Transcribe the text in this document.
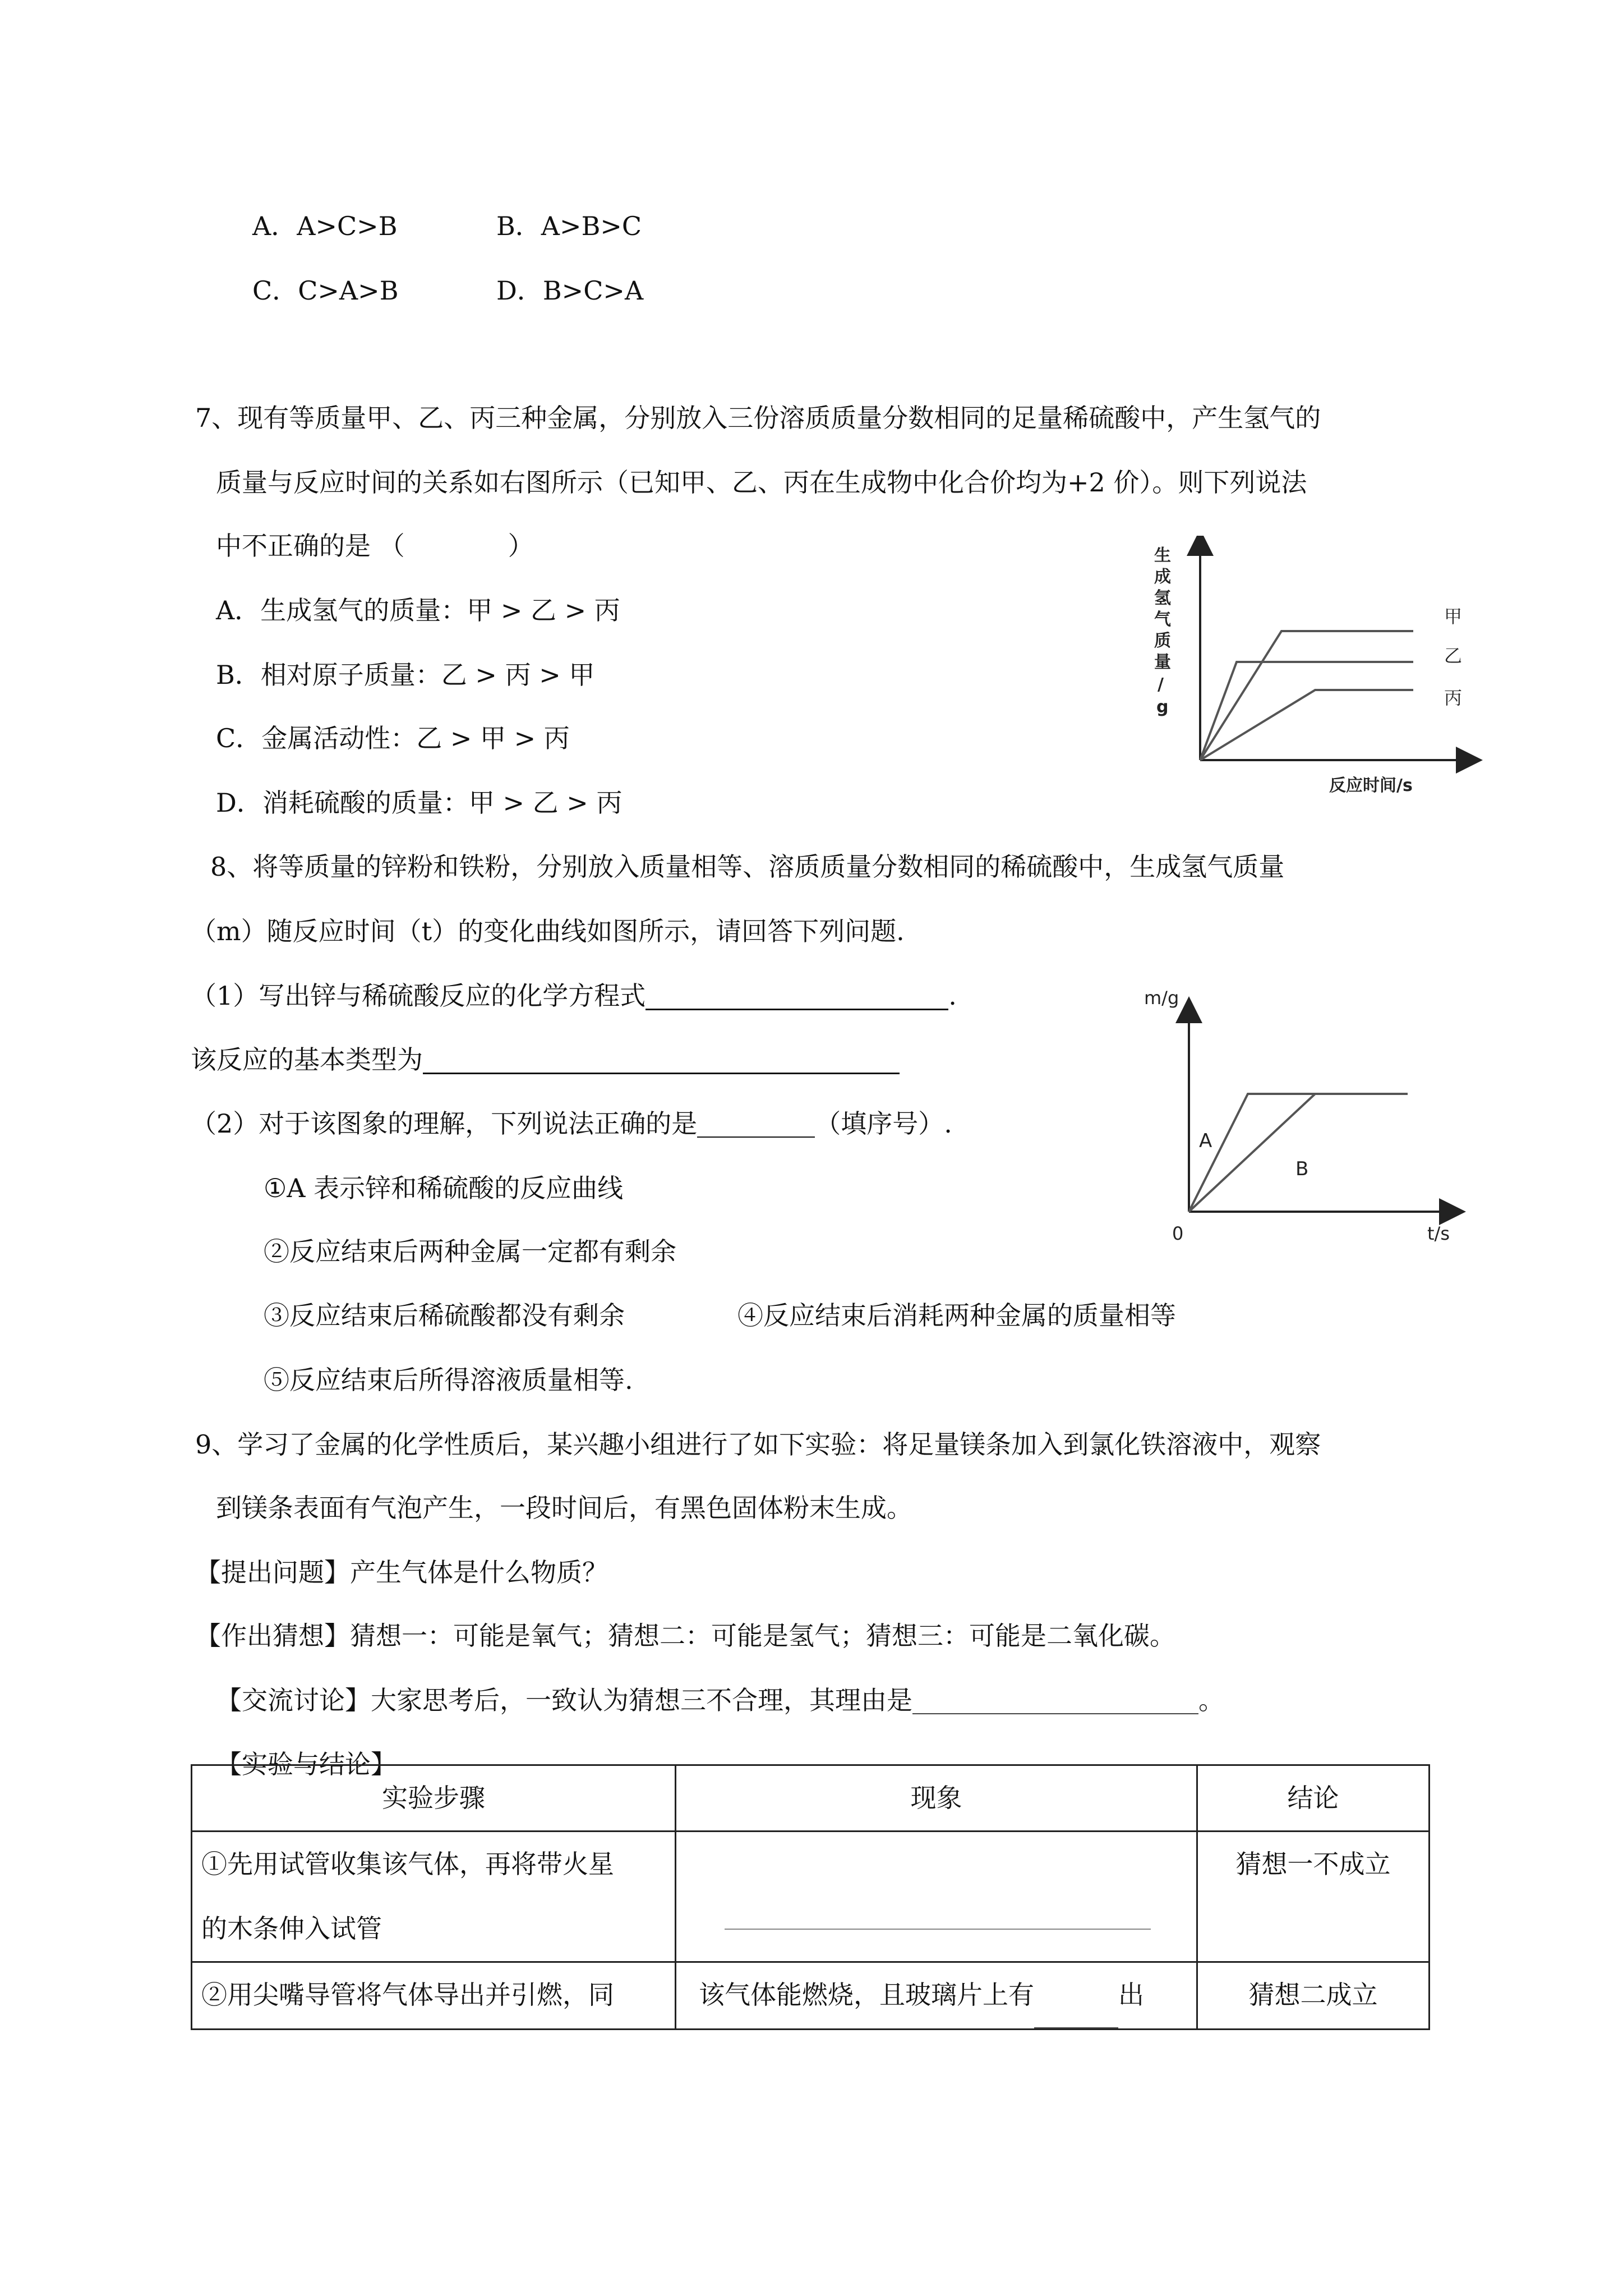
A．A>C>B	B．A>B>C
C．C>A>B	D．B>C>A
7、现有等质量甲、乙、丙三种金属，分别放入三份溶质质量分数相同的足量稀硫酸中，产生氢气的
质量与反应时间的关系如右图所示（已知甲、乙、丙在生成物中化合价均为+2 价）。则下列说法
中不正确的是 （　　　　）
A．生成氢气的质量：甲 > 乙 > 丙
B．相对原子质量：乙 > 丙 > 甲
C．金属活动性：乙 > 甲 > 丙
D．消耗硫酸的质量：甲 > 乙 > 丙
生
成
氢
气
质
量
/
g
反应时间/s
甲
乙
丙
8、将等质量的锌粉和铁粉，分别放入质量相等、溶质质量分数相同的稀硫酸中，生成氢气质量
（m）随反应时间（t）的变化曲线如图所示，请回答下列问题.
（1）写出锌与稀硫酸反应的化学方程式	.
该反应的基本类型为
（2）对于该图象的理解，下列说法正确的是	（填序号）.
①A 表示锌和稀硫酸的反应曲线
②反应结束后两种金属一定都有剩余
③反应结束后稀硫酸都没有剩余	④反应结束后消耗两种金属的质量相等
⑤反应结束后所得溶液质量相等.
m/g
t/s
0
A
B
9、学习了金属的化学性质后，某兴趣小组进行了如下实验：将足量镁条加入到氯化铁溶液中，观察
到镁条表面有气泡产生，一段时间后，有黑色固体粉末生成。
【提出问题】产生气体是什么物质？
【作出猜想】猜想一：可能是氧气；猜想二：可能是氢气；猜想三：可能是二氧化碳。
【交流讨论】大家思考后，一致认为猜想三不合理，其理由是	。
【实验与结论】
实验步骤	现象	结论

①先用试管收集该气体，再将带火星
的木条伸入试管		猜想一不成立
②用尖嘴导管将气体导出并引燃，同	该气体能燃烧，且玻璃片上有 出	猜想二成立
